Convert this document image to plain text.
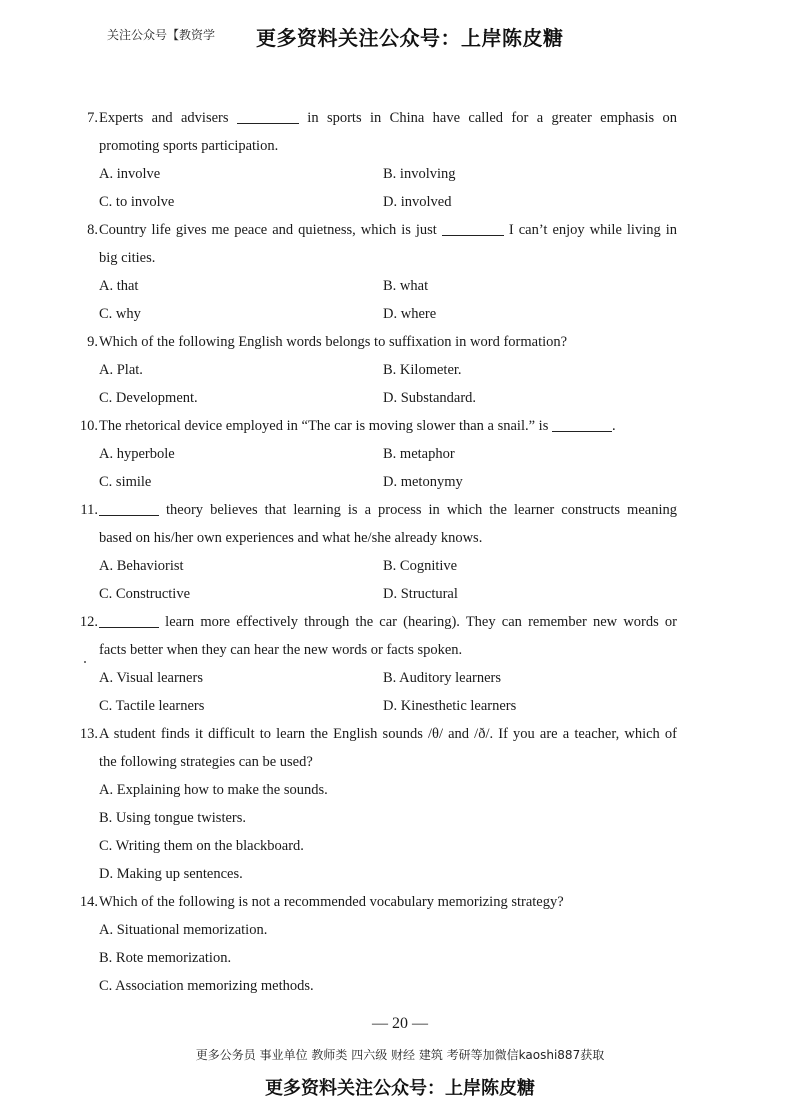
关注公众号【教资学 更多资料关注公众号：上岸陈皮糖
7. Experts and advisers	in sports in China have called for a greater emphasis on
promoting sports participation.
A. involve	B. involving
C. to involve	D. involved
8. Country life gives me peace and quietness, which is just	I can’t enjoy while living in
big cities.
A. that	B. what
C. why	D. where
9. Which of the following English words belongs to suffixation in word formation?
A. Plat.	B. Kilometer.
C. Development.	D. Substandard.
10. The rhetorical device employed in “The car is moving slower than a snail.” is	.
A. hyperbole	B. metaphor
C. simile	D. metonymy
11.	theory believes that learning is a process in which the learner constructs meaning
based on his/her own experiences and what he/she already knows.
A. Behaviorist	B. Cognitive
C. Constructive	D. Structural
12.	learn more effectively through the car (hearing). They can remember new words or
facts better when they can hear the new words or facts spoken.
A. Visual learners	B. Auditory learners
C. Tactile learners	D. Kinesthetic learners
13. A student finds it difficult to learn the English sounds /θ/ and /ð/. If you are a teacher, which of
the following strategies can be used?
A. Explaining how to make the sounds.
B. Using tongue twisters.
C. Writing them on the blackboard.
D. Making up sentences.
14. Which of the following is not a recommended vocabulary memorizing strategy?
A. Situational memorization.
B. Rote memorization.
C. Association memorizing methods.
— 20 —
更多公务员 事业单位 教师类 四六级 财经 建筑 考研等加微信kaoshi887获取
更多资料关注公众号：上岸陈皮糖
